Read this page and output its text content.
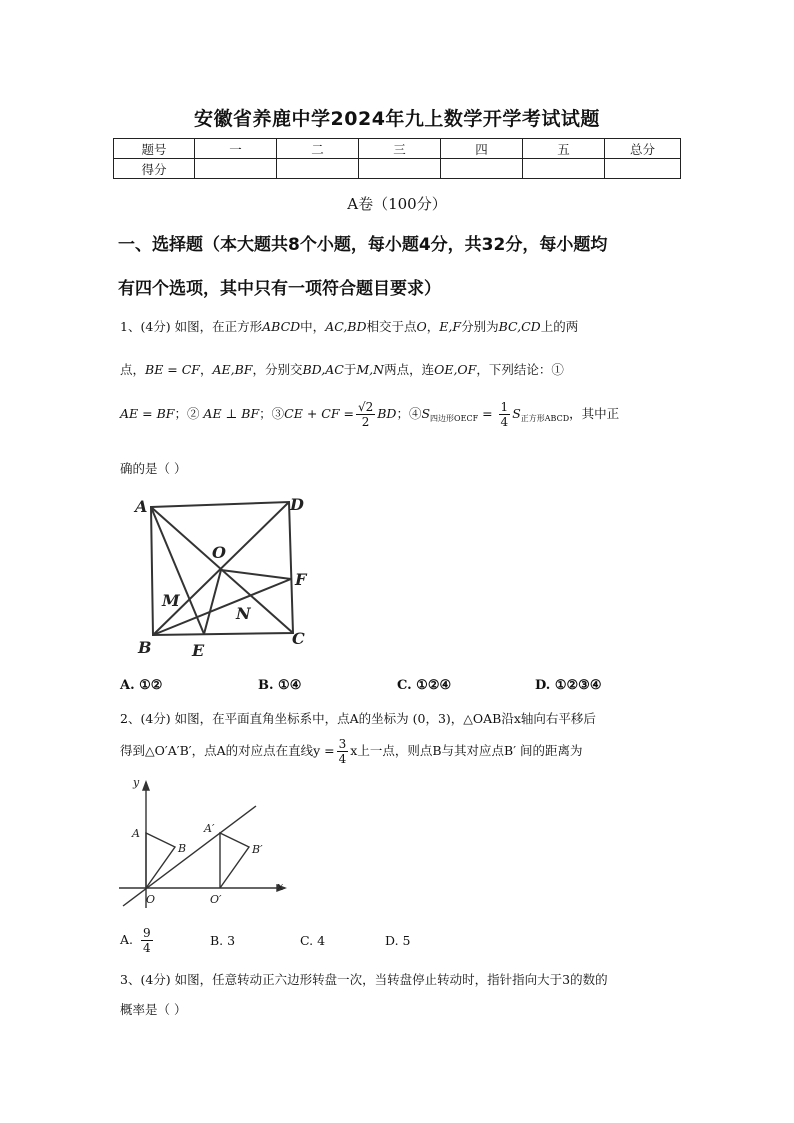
安徽省养鹿中学2024年九上数学开学考试试题
题号	一	二	三	四	五	总分
得分						
A卷（100分）
一、选择题（本大题共8个小题，每小题4分，共32分，每小题均
有四个选项，其中只有一项符合题目要求）
1、(4分) 如图，在正方形ABCD中，AC,BD相交于点O，E,F分别为BC,CD上的两
点，BE = CF，AE,BF，分别交BD,AC于M,N两点，连OE,OF，下列结论：①
AE = BF；② AE ⊥ BF；③CE + CF = $\frac{√2}{2}$ BD；$④S_{四边形OECF} = \frac{1}{4} S_{正方形ABCD}$，其中正
确的是（ ）
A	D
B	C
O
E
F
M
N
A. ①②	B. ①④	C. ①②④	D. ①②③④
2、(4分) 如图，在平面直角坐标系中，点A的坐标为 (0，3)，△OAB沿x轴向右平移后
得到△O′A′B′，点A的对应点在直线$y = \frac{3}{4}$ x上一点，则点B与其对应点B′ 间的距离为
y
x
A
B
O
A′
B′
O′
A. $\frac{9}{4}$	B. 3	C. 4	D. 5
3、(4分) 如图，任意转动正六边形转盘一次，当转盘停止转动时，指针指向大于3的数的
概率是（ ）
